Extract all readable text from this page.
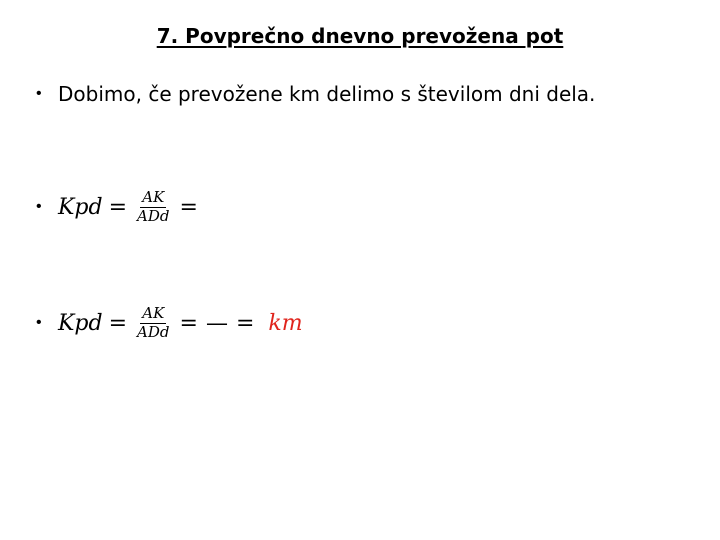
7. Povprečno dnevno prevožena pot
• Dobimo, če prevožene km delimo s številom dni dela.
• Kpd = $\frac{AK}{\text{ADd}}$ =
• Kpd = $\frac{AK}{\text{ADd}}$ = — = km
